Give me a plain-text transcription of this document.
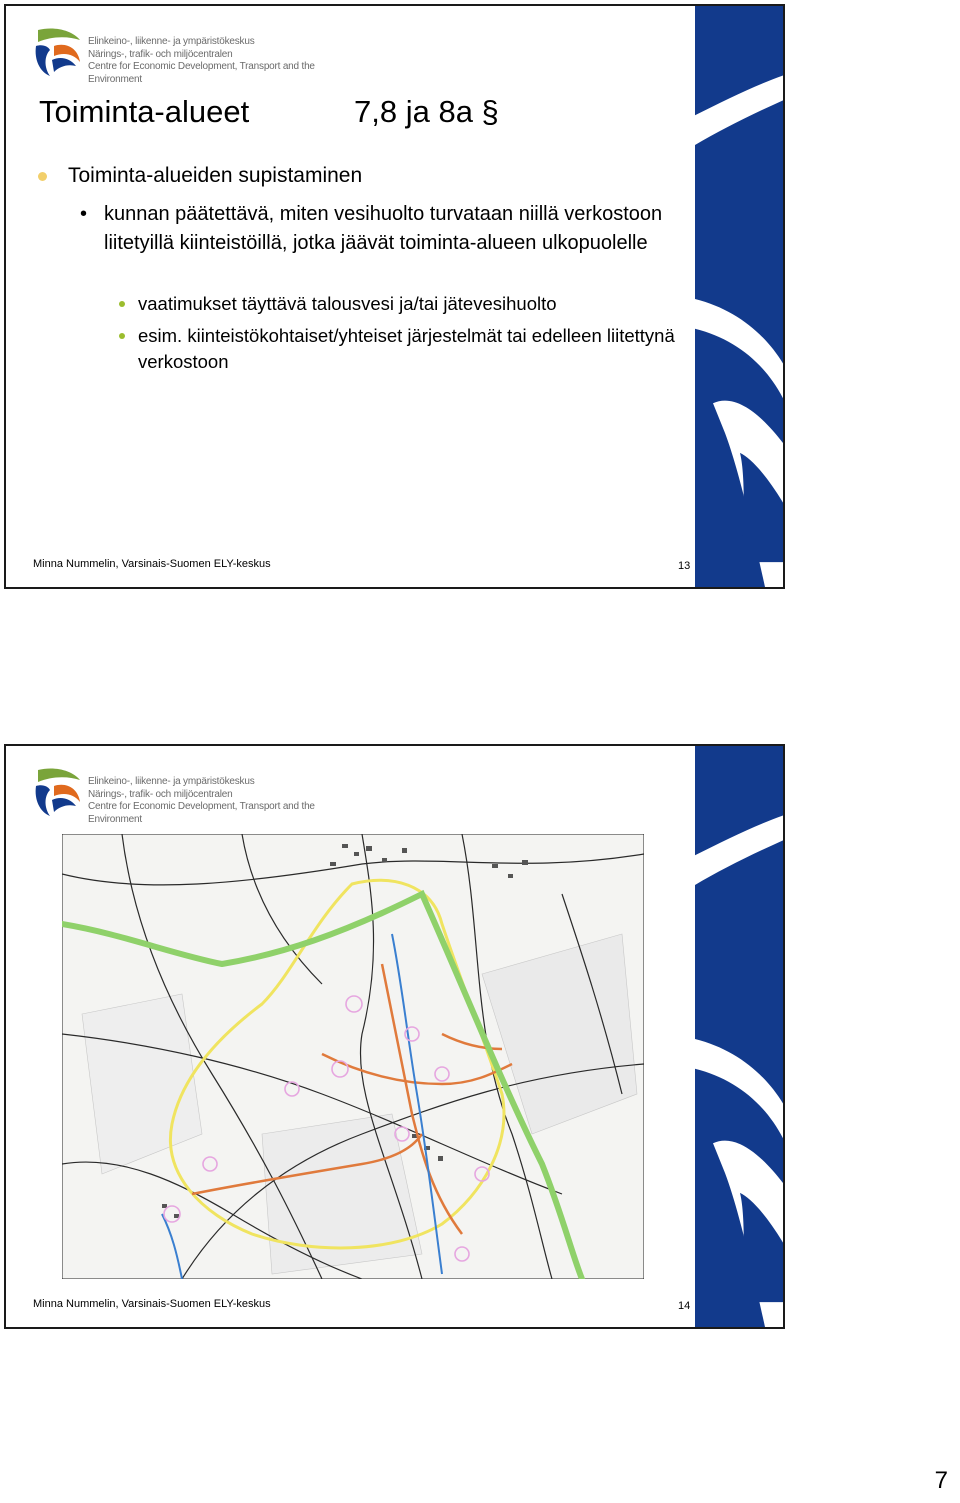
Elinkeino-, liikenne- ja ympäristökeskus
Närings-, trafik- och miljöcentralen
Centre for Economic Development, Transport and the Environment
Toiminta-alueet	7,8 ja 8a §
Toiminta-alueiden supistaminen
• kunnan päätettävä, miten vesihuolto turvataan niillä verkostoon liitetyillä kiinteistöillä, jotka jäävät toiminta-alueen ulkopuolelle
vaatimukset täyttävä talousvesi ja/tai jätevesihuolto
esim. kiinteistökohtaiset/yhteiset järjestelmät tai edelleen liitettynä verkostoon
Minna Nummelin, Varsinais-Suomen ELY-keskus	13
Elinkeino-, liikenne- ja ympäristökeskus
Närings-, trafik- och miljöcentralen
Centre for Economic Development, Transport and the Environment
Minna Nummelin, Varsinais-Suomen ELY-keskus	14
7
